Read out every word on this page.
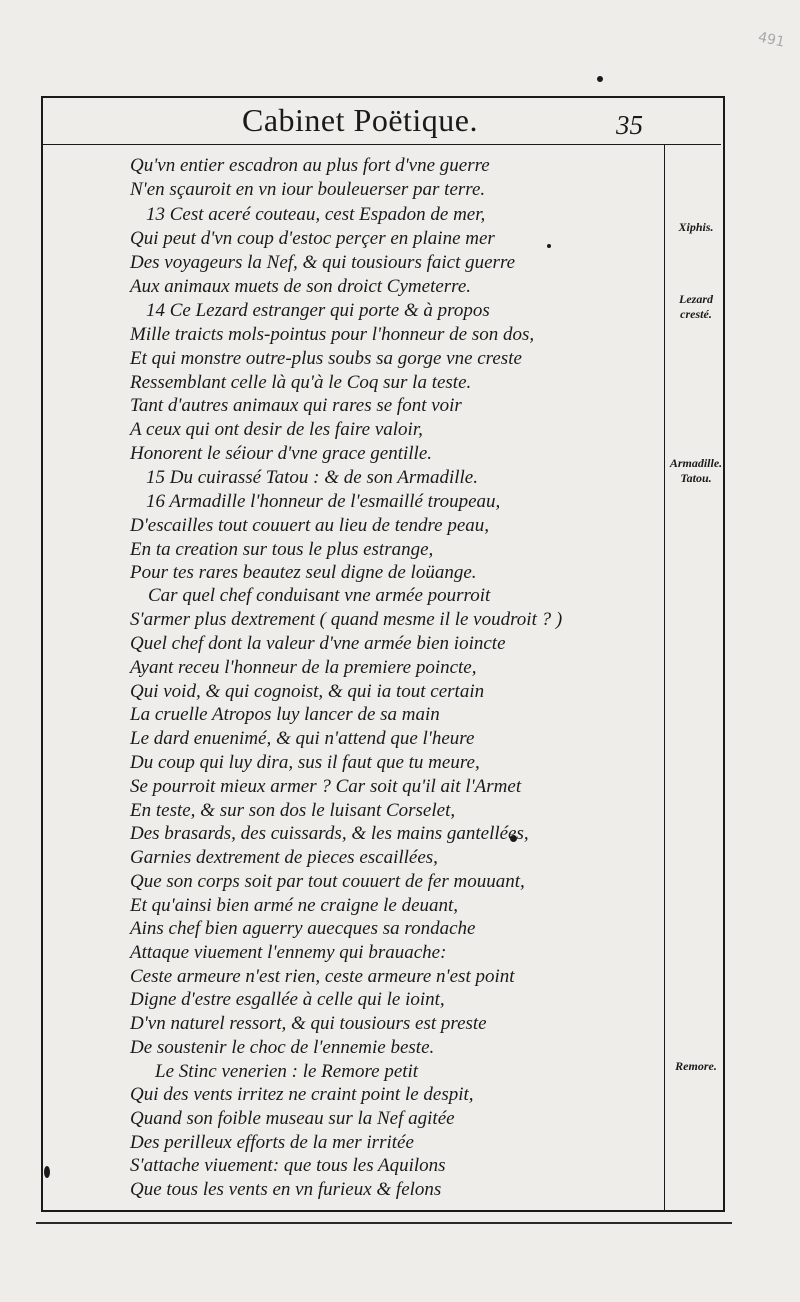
491
Cabinet Poëtique.	35
Qu'vn entier escadron au plus fort d'vne guerre
N'en sçauroit en vn iour bouleuerser par terre.
13 Cest aceré couteau, cest Espadon de mer,
Qui peut d'vn coup d'estoc perçer en plaine mer
Des voyageurs la Nef, & qui tousiours faict guerre
Aux animaux muets de son droict Cymeterre.
14 Ce Lezard estranger qui porte & à propos
Mille traicts mols-pointus pour l'honneur de son dos,
Et qui monstre outre-plus soubs sa gorge vne creste
Ressemblant celle là qu'à le Coq sur la teste.
Tant d'autres animaux qui rares se font voir
A ceux qui ont desir de les faire valoir,
Honorent le séiour d'vne grace gentille.
15 Du cuirassé Tatou : & de son Armadille.
16 Armadille l'honneur de l'esmaillé troupeau,
D'escailles tout couuert au lieu de tendre peau,
En ta creation sur tous le plus estrange,
Pour tes rares beautez seul digne de loüange.
Car quel chef conduisant vne armée pourroit
S'armer plus dextrement ( quand mesme il le voudroit ? )
Quel chef dont la valeur d'vne armée bien ioincte
Ayant receu l'honneur de la premiere poincte,
Qui void, & qui cognoist, & qui ia tout certain
La cruelle Atropos luy lancer de sa main
Le dard enuenimé, & qui n'attend que l'heure
Du coup qui luy dira, sus il faut que tu meure,
Se pourroit mieux armer ? Car soit qu'il ait l'Armet
En teste, & sur son dos le luisant Corselet,
Des brasards, des cuissards, & les mains gantellées,
Garnies dextrement de pieces escaillées,
Que son corps soit par tout couuert de fer mouuant,
Et qu'ainsi bien armé ne craigne le deuant,
Ains chef bien aguerry auecques sa rondache
Attaque viuement l'ennemy qui brauache:
Ceste armeure n'est rien, ceste armeure n'est point
Digne d'estre esgallée à celle qui le ioint,
D'vn naturel ressort, & qui tousiours est preste
De soustenir le choc de l'ennemie beste.
Le Stinc venerien : le Remore petit
Qui des vents irritez ne craint point le despit,
Quand son foible museau sur la Nef agitée
Des perilleux efforts de la mer irritée
S'attache viuement: que tous les Aquilons
Que tous les vents en vn furieux & felons
Xiphis.
Lezard cresté.
Armadille. Tatou.
Remore.
